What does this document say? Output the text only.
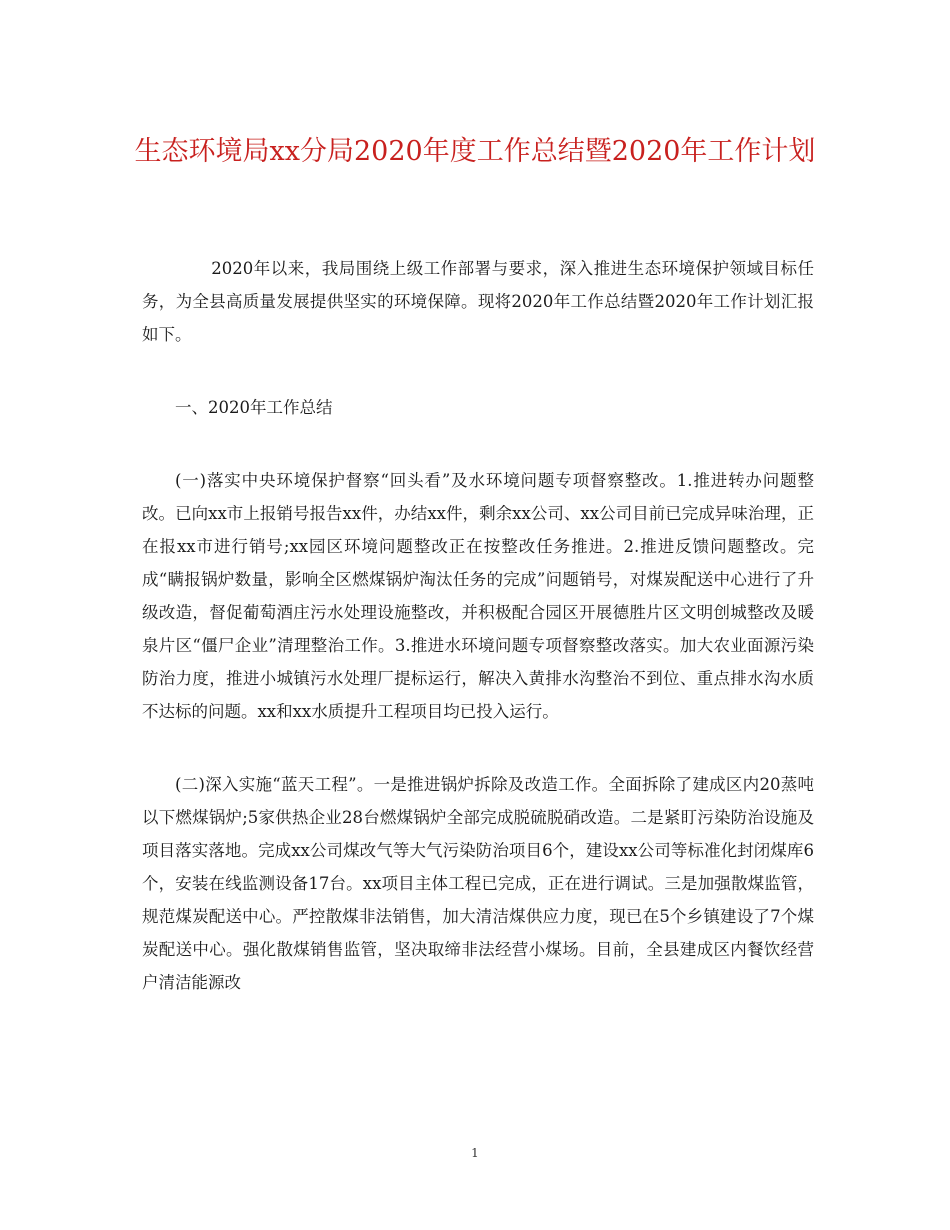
生态环境局xx分局2020年度工作总结暨2020年工作计划

2020年以来，我局围绕上级工作部署与要求，深入推进生态环境保护领域目标任务，为全县高质量发展提供坚实的环境保障。现将2020年工作总结暨2020年工作计划汇报如下。

一、2020年工作总结

(一)落实中央环境保护督察“回头看”及水环境问题专项督察整改。1.推进转办问题整改。已向xx市上报销号报告xx件，办结xx件，剩余xx公司、xx公司目前已完成异味治理，正在报xx市进行销号;xx园区环境问题整改正在按整改任务推进。2.推进反馈问题整改。完成“瞒报锅炉数量，影响全区燃煤锅炉淘汰任务的完成”问题销号，对煤炭配送中心进行了升级改造，督促葡萄酒庄污水处理设施整改，并积极配合园区开展德胜片区文明创城整改及暖泉片区“僵尸企业”清理整治工作。3.推进水环境问题专项督察整改落实。加大农业面源污染防治力度，推进小城镇污水处理厂提标运行，解决入黄排水沟整治不到位、重点排水沟水质不达标的问题。xx和xx水质提升工程项目均已投入运行。

(二)深入实施“蓝天工程”。一是推进锅炉拆除及改造工作。全面拆除了建成区内20蒸吨以下燃煤锅炉;5家供热企业28台燃煤锅炉全部完成脱硫脱硝改造。二是紧盯污染防治设施及项目落实落地。完成xx公司煤改气等大气污染防治项目6个，建设xx公司等标准化封闭煤库6个，安装在线监测设备17台。xx项目主体工程已完成，正在进行调试。三是加强散煤监管，规范煤炭配送中心。严控散煤非法销售，加大清洁煤供应力度，现已在5个乡镇建设了7个煤炭配送中心。强化散煤销售监管，坚决取缔非法经营小煤场。目前，全县建成区内餐饮经营户清洁能源改

1
